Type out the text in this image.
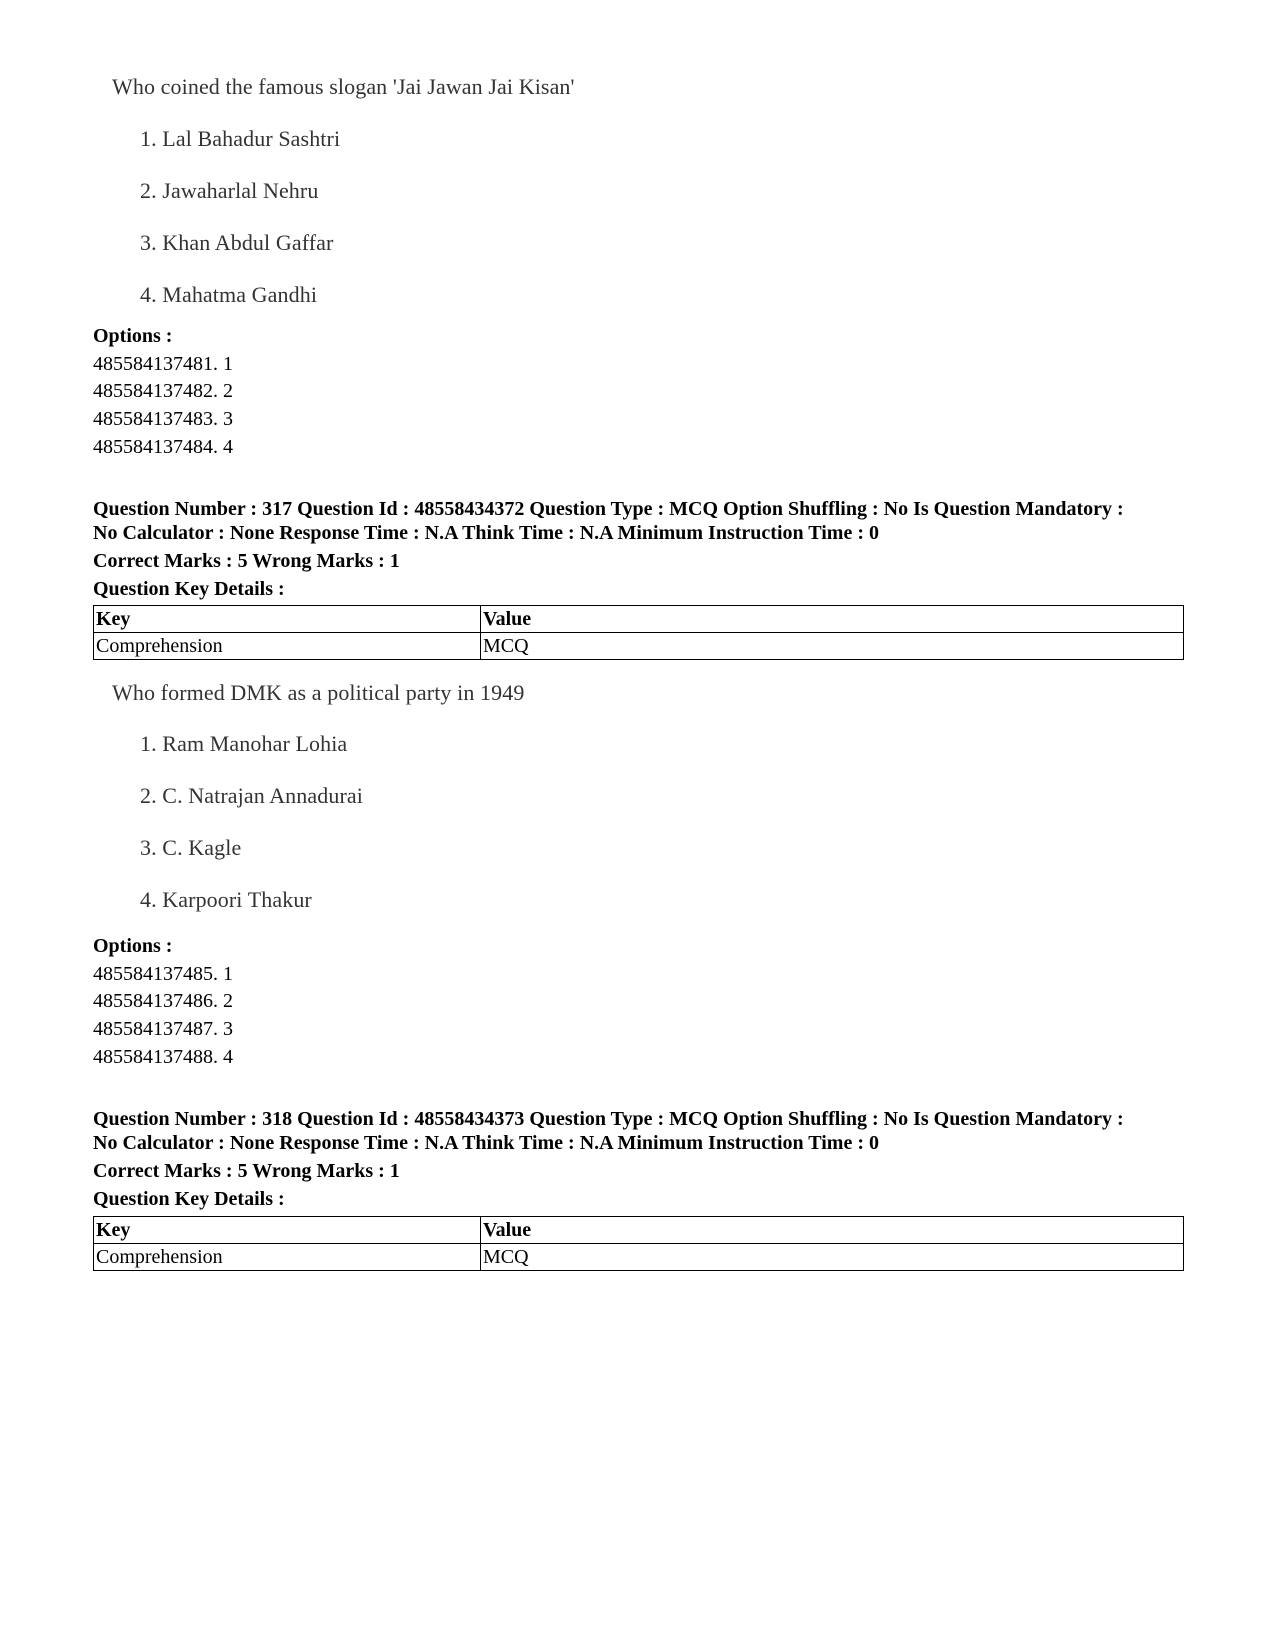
Who coined the famous slogan 'Jai Jawan Jai Kisan'
1. Lal Bahadur Sashtri
2. Jawaharlal Nehru
3. Khan Abdul Gaffar
4. Mahatma Gandhi
Options :
485584137481. 1
485584137482. 2
485584137483. 3
485584137484. 4
Question Number : 317 Question Id : 48558434372 Question Type : MCQ Option Shuffling : No Is Question Mandatory :
No Calculator : None Response Time : N.A Think Time : N.A Minimum Instruction Time : 0
Correct Marks : 5 Wrong Marks : 1
Question Key Details :
Key	Value
Comprehension	MCQ
Who formed DMK as a political party in 1949
1. Ram Manohar Lohia
2. C. Natrajan Annadurai
3. C. Kagle
4. Karpoori Thakur
Options :
485584137485. 1
485584137486. 2
485584137487. 3
485584137488. 4
Question Number : 318 Question Id : 48558434373 Question Type : MCQ Option Shuffling : No Is Question Mandatory :
No Calculator : None Response Time : N.A Think Time : N.A Minimum Instruction Time : 0
Correct Marks : 5 Wrong Marks : 1
Question Key Details :
Key	Value
Comprehension	MCQ
